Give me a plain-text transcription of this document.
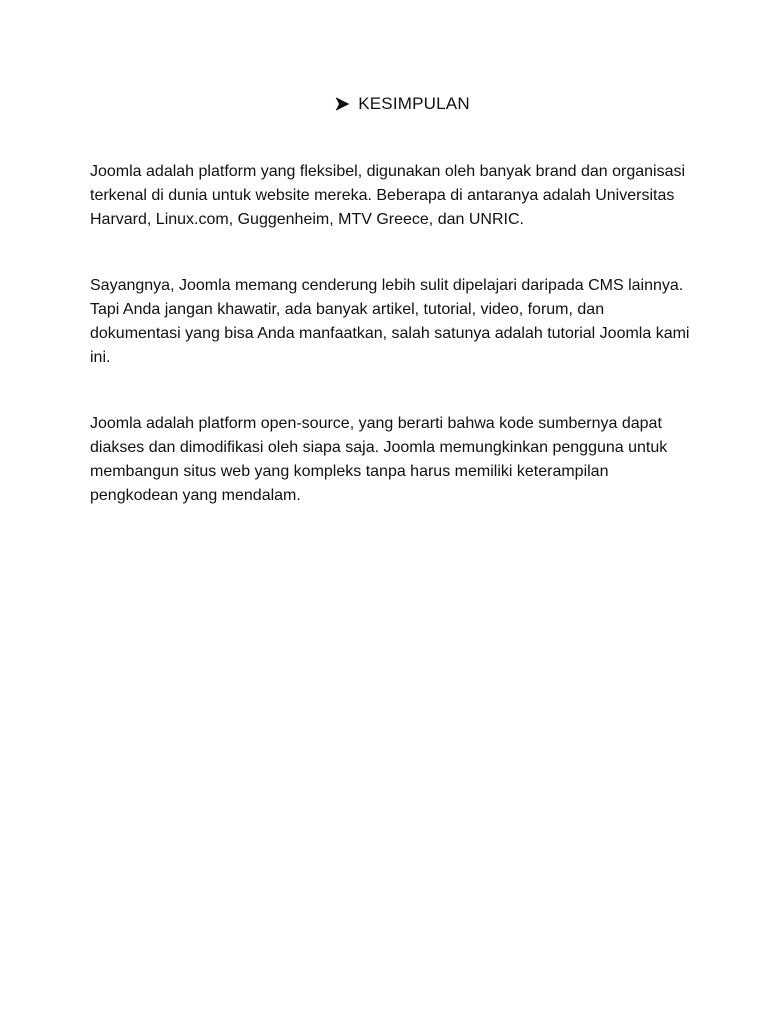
KESIMPULAN

Joomla adalah platform yang fleksibel, digunakan oleh banyak brand dan organisasi terkenal di dunia untuk website mereka. Beberapa di antaranya adalah Universitas Harvard, Linux.com, Guggenheim, MTV Greece, dan UNRIC.

Sayangnya, Joomla memang cenderung lebih sulit dipelajari daripada CMS lainnya. Tapi Anda jangan khawatir, ada banyak artikel, tutorial, video, forum, dan dokumentasi yang bisa Anda manfaatkan, salah satunya adalah tutorial Joomla kami ini.

Joomla adalah platform open-source, yang berarti bahwa kode sumbernya dapat diakses dan dimodifikasi oleh siapa saja. Joomla memungkinkan pengguna untuk membangun situs web yang kompleks tanpa harus memiliki keterampilan pengkodean yang mendalam.
